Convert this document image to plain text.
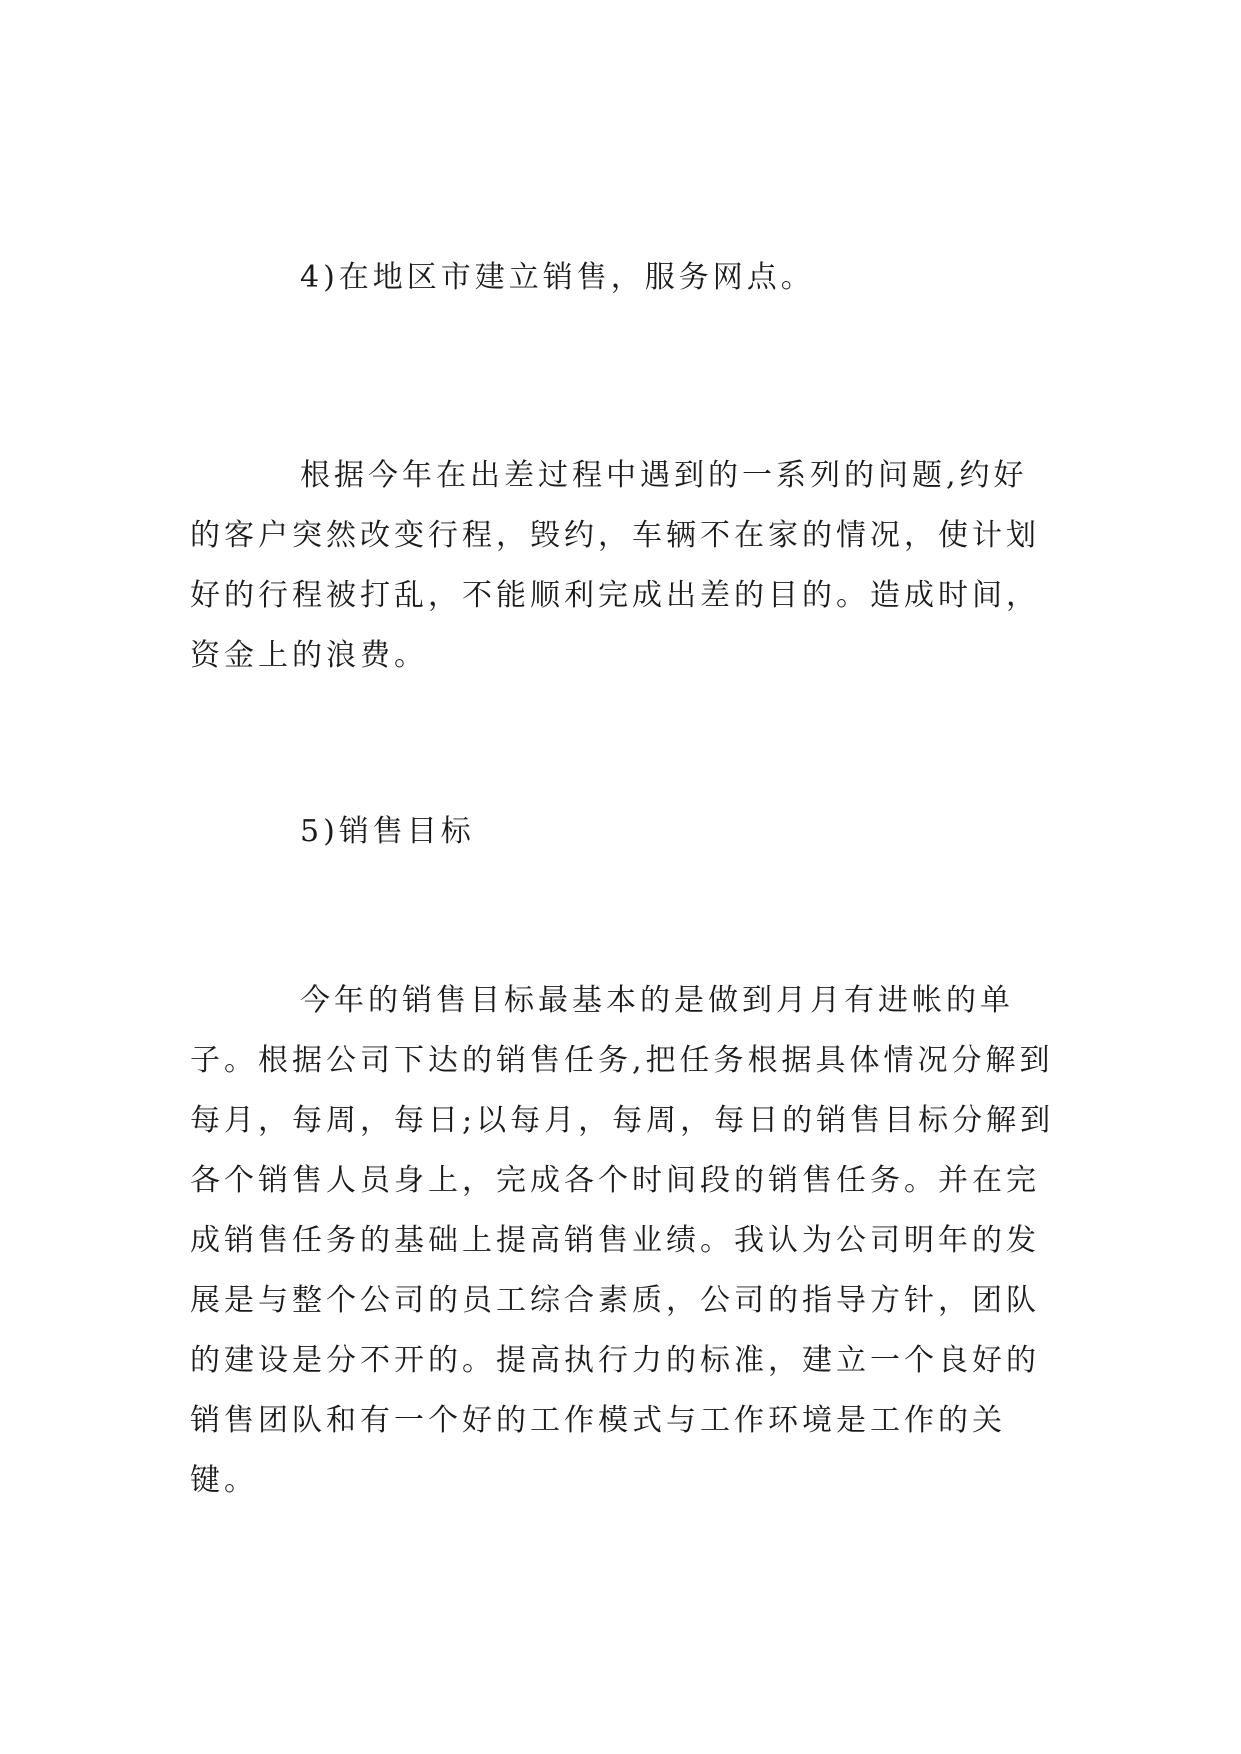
4)在地区市建立销售，服务网点。

根据今年在出差过程中遇到的一系列的问题,约好的客户突然改变行程，毁约，车辆不在家的情况，使计划好的行程被打乱，不能顺利完成出差的目的。造成时间，资金上的浪费。

5)销售目标

今年的销售目标最基本的是做到月月有进帐的单子。根据公司下达的销售任务,把任务根据具体情况分解到每月，每周，每日;以每月，每周，每日的销售目标分解到各个销售人员身上，完成各个时间段的销售任务。并在完成销售任务的基础上提高销售业绩。我认为公司明年的发展是与整个公司的员工综合素质，公司的指导方针，团队的建设是分不开的。提高执行力的标准，建立一个良好的销售团队和有一个好的工作模式与工作环境是工作的关键。
